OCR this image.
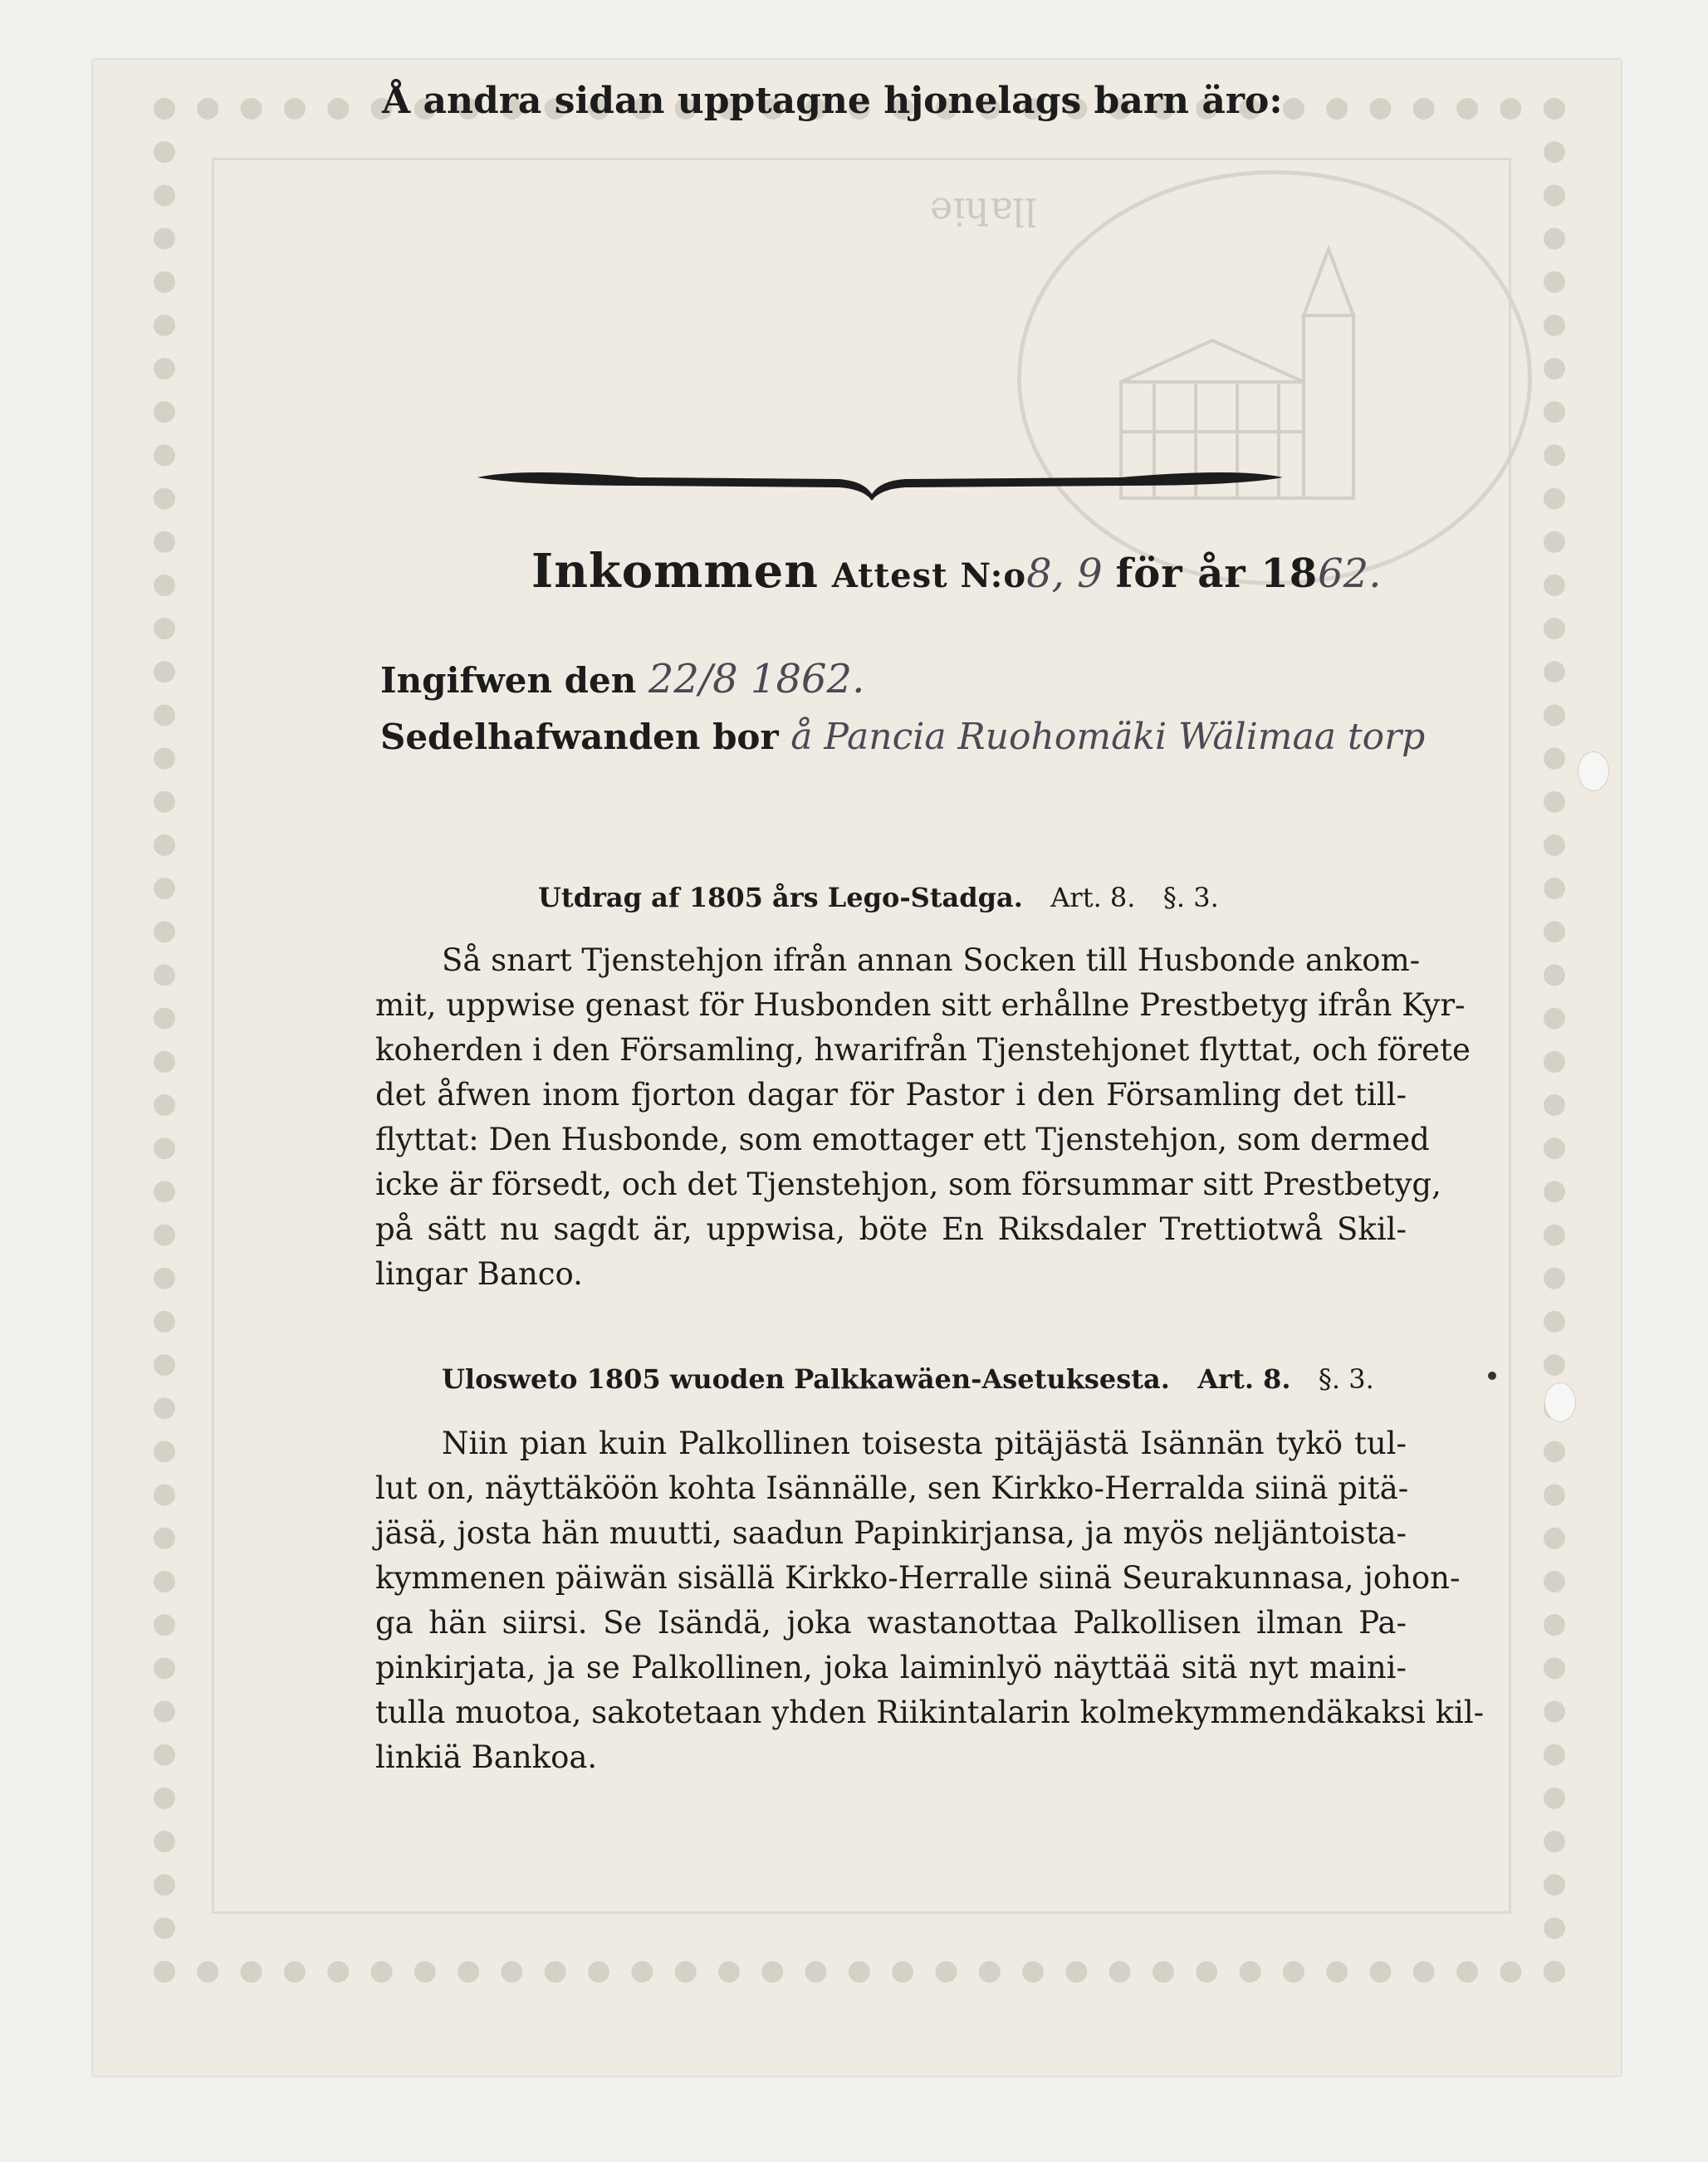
ǝᴉɥɐꞁꞁ
Å andra sidan upptagne hjonelags barn äro:
Inkommen Attest N:o8, 9 för år 1862.
Ingifwen den 22/8 1862.
Sedelhafwanden bor å Pancia Ruohomäki Wälimaa torp
Utdrag af 1805 års Lego-Stadga. Art. 8. §. 3.
Så snart Tjenstehjon ifrån annan Socken till Husbonde ankom-
mit, uppwise genast för Husbonden sitt erhållne Prestbetyg ifrån Kyr-
koherden i den Församling, hwarifrån Tjenstehjonet flyttat, och förete
det åfwen inom fjorton dagar för Pastor i den Församling det till-
flyttat: Den Husbonde, som emottager ett Tjenstehjon, som dermed
icke är försedt, och det Tjenstehjon, som försummar sitt Prestbetyg,
på sätt nu sagdt är, uppwisa, böte En Riksdaler Trettiotwå Skil-
lingar Banco.
Ulosweto 1805 wuoden Palkkawäen-Asetuksesta. Art. 8. §. 3.
Niin pian kuin Palkollinen toisesta pitäjästä Isännän tykö tul-
lut on, näyttäköön kohta Isännälle, sen Kirkko-Herralda siinä pitä-
jäsä, josta hän muutti, saadun Papinkirjansa, ja myös neljäntoista-
kymmenen päiwän sisällä Kirkko-Herralle siinä Seurakunnasa, johon-
ga hän siirsi. Se Isändä, joka wastanottaa Palkollisen ilman Pa-
pinkirjata, ja se Palkollinen, joka laiminlyö näyttää sitä nyt maini-
tulla muotoa, sakotetaan yhden Riikintalarin kolmekymmendäkaksi kil-
linkiä Bankoa.
